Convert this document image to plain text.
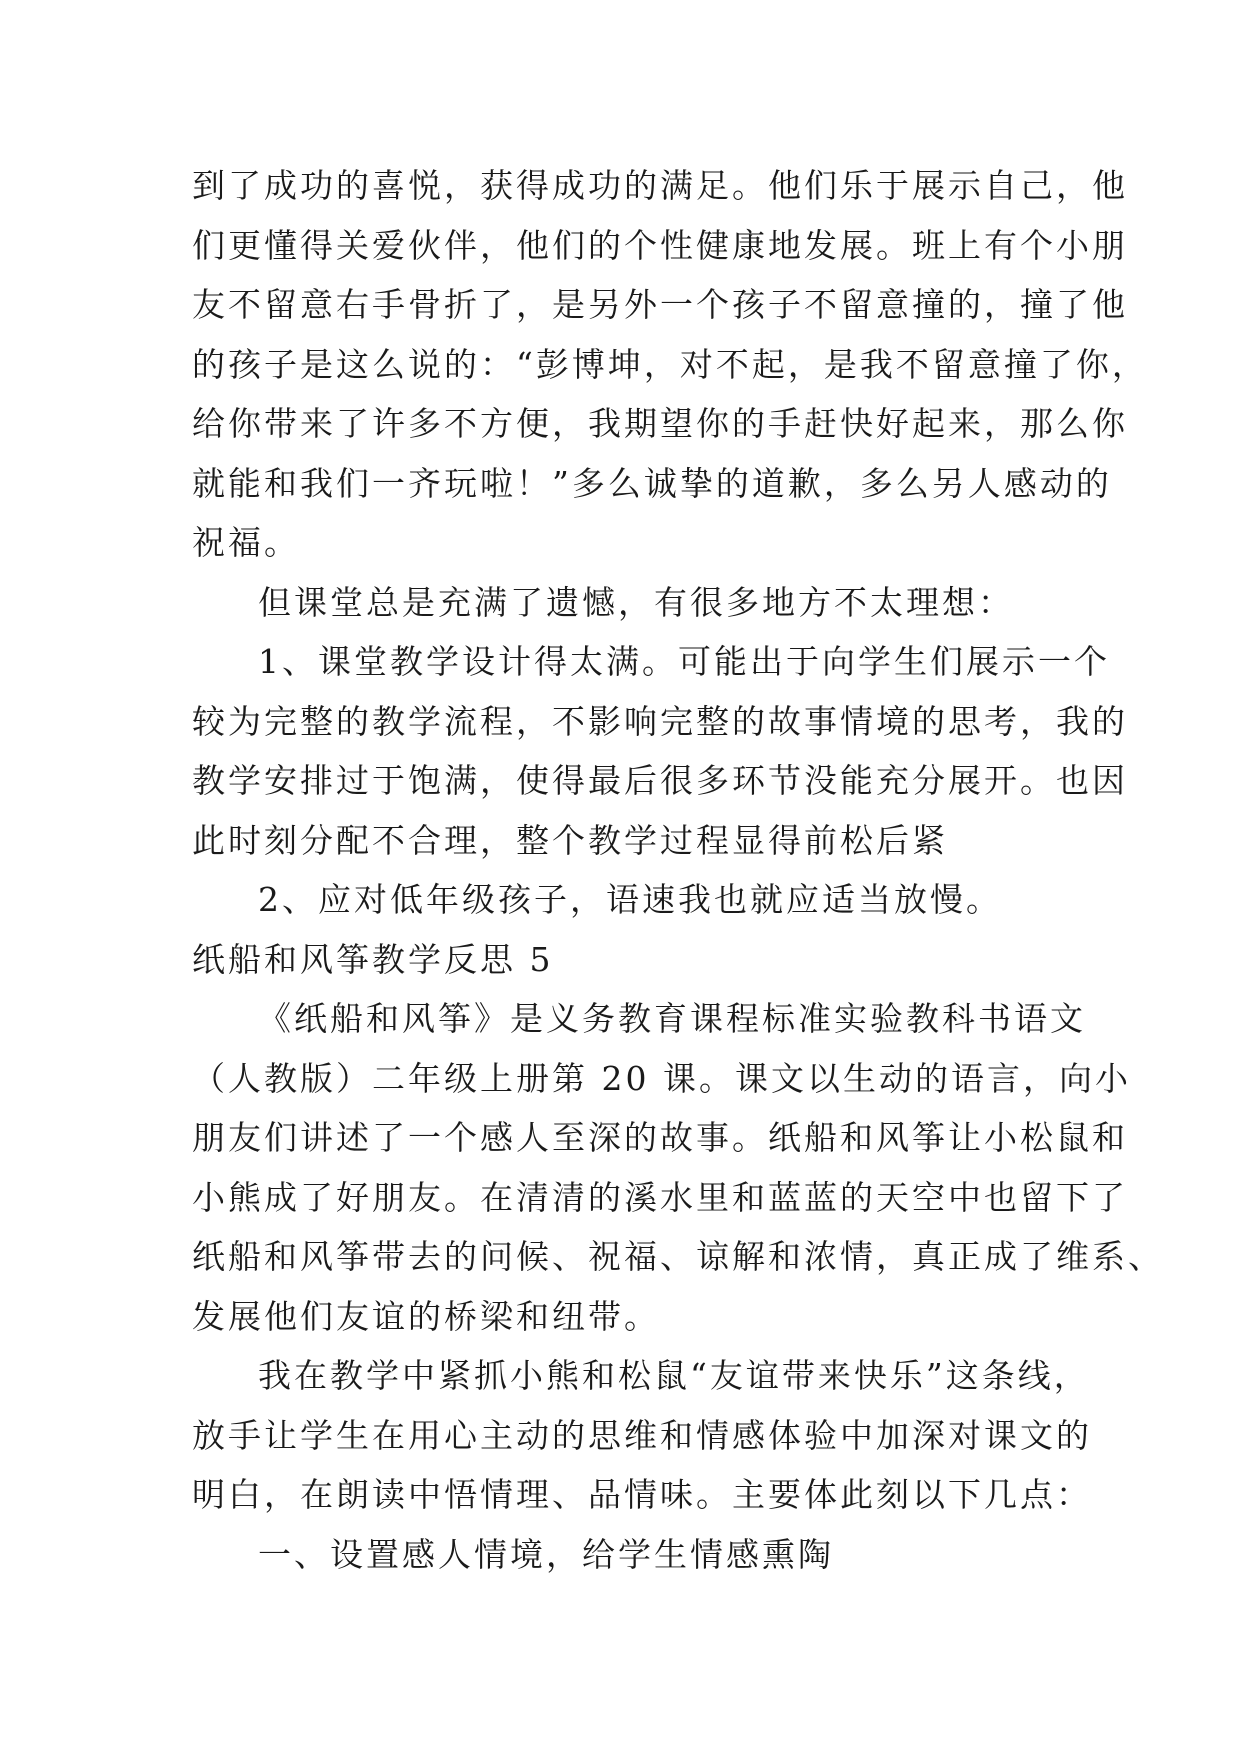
到了成功的喜悦，获得成功的满足。他们乐于展示自己，他
们更懂得关爱伙伴，他们的个性健康地发展。班上有个小朋
友不留意右手骨折了，是另外一个孩子不留意撞的，撞了他
的孩子是这么说的：“彭博坤，对不起，是我不留意撞了你，
给你带来了许多不方便，我期望你的手赶快好起来，那么你
就能和我们一齐玩啦！”多么诚挚的道歉，多么另人感动的
祝福。

但课堂总是充满了遗憾，有很多地方不太理想：

1、课堂教学设计得太满。可能出于向学生们展示一个
较为完整的教学流程，不影响完整的故事情境的思考，我的
教学安排过于饱满，使得最后很多环节没能充分展开。也因
此时刻分配不合理，整个教学过程显得前松后紧

2、应对低年级孩子，语速我也就应适当放慢。

纸船和风筝教学反思 5

《纸船和风筝》是义务教育课程标准实验教科书语文
（人教版）二年级上册第 20 课。课文以生动的语言，向小
朋友们讲述了一个感人至深的故事。纸船和风筝让小松鼠和
小熊成了好朋友。在清清的溪水里和蓝蓝的天空中也留下了
纸船和风筝带去的问候、祝福、谅解和浓情，真正成了维系、
发展他们友谊的桥梁和纽带。

我在教学中紧抓小熊和松鼠“友谊带来快乐”这条线，
放手让学生在用心主动的思维和情感体验中加深对课文的
明白，在朗读中悟情理、品情味。主要体此刻以下几点：

一、设置感人情境，给学生情感熏陶
